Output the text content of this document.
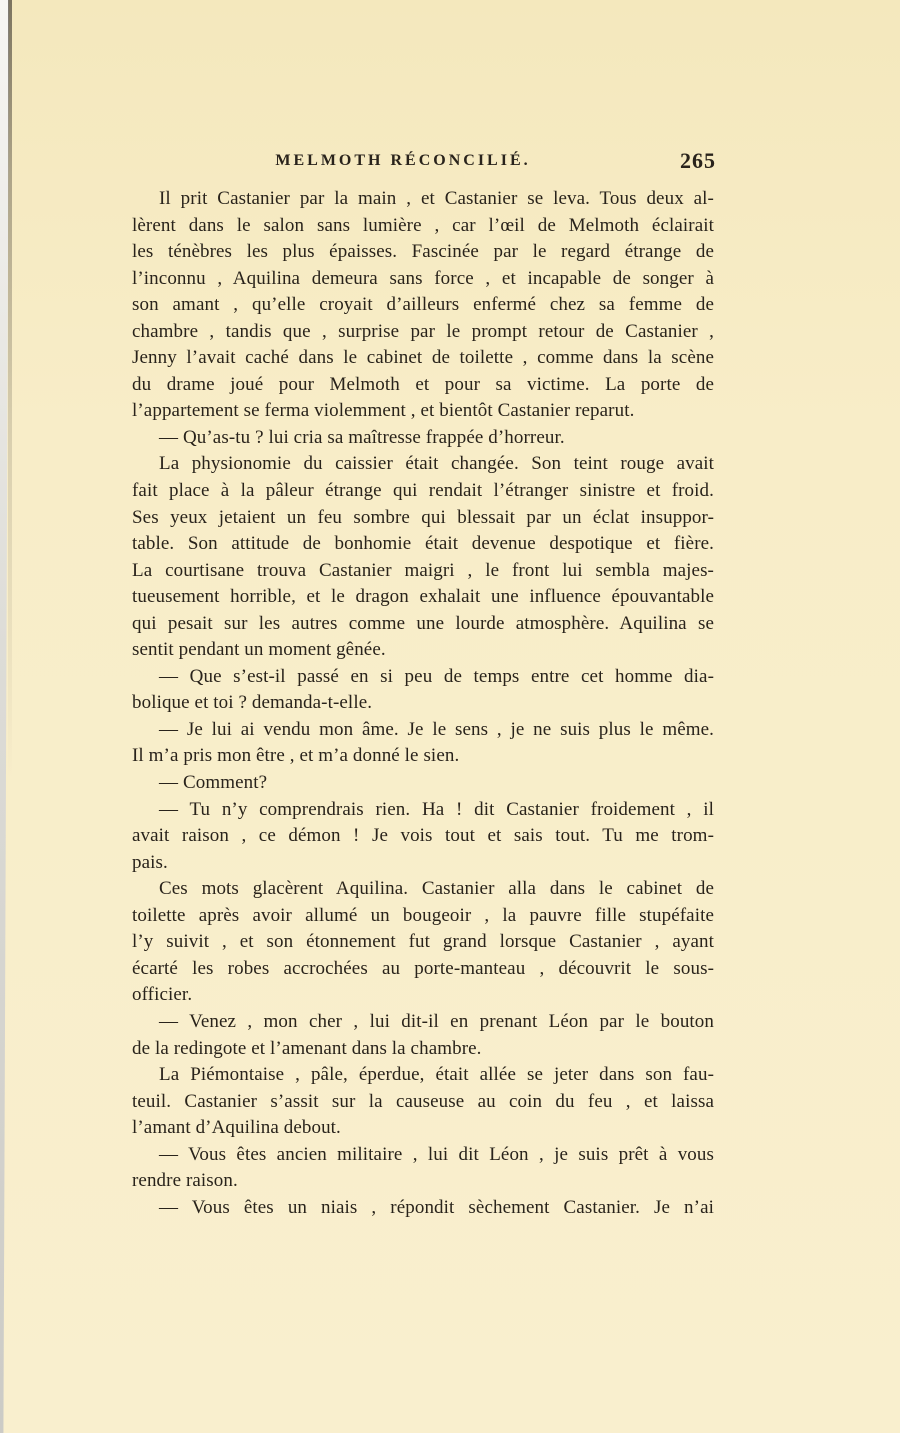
MELMOTH RÉCONCILIÉ.	265
Il prit Castanier par la main , et Castanier se leva. Tous deux al-
lèrent dans le salon sans lumière , car l’œil de Melmoth éclairait
les ténèbres les plus épaisses. Fascinée par le regard étrange de
l’inconnu , Aquilina demeura sans force , et incapable de songer à
son amant , qu’elle croyait d’ailleurs enfermé chez sa femme de
chambre , tandis que , surprise par le prompt retour de Castanier ,
Jenny l’avait caché dans le cabinet de toilette , comme dans la scène
du drame joué pour Melmoth et pour sa victime. La porte de
l’appartement se ferma violemment , et bientôt Castanier reparut.
— Qu’as-tu ? lui cria sa maîtresse frappée d’horreur.
La physionomie du caissier était changée. Son teint rouge avait
fait place à la pâleur étrange qui rendait l’étranger sinistre et froid.
Ses yeux jetaient un feu sombre qui blessait par un éclat insuppor-
table. Son attitude de bonhomie était devenue despotique et fière.
La courtisane trouva Castanier maigri , le front lui sembla majes-
tueusement horrible, et le dragon exhalait une influence épouvantable
qui pesait sur les autres comme une lourde atmosphère. Aquilina se
sentit pendant un moment gênée.
— Que s’est-il passé en si peu de temps entre cet homme dia-
bolique et toi ? demanda-t-elle.
— Je lui ai vendu mon âme. Je le sens , je ne suis plus le même.
Il m’a pris mon être , et m’a donné le sien.
— Comment?
— Tu n’y comprendrais rien. Ha ! dit Castanier froidement , il
avait raison , ce démon ! Je vois tout et sais tout. Tu me trom-
pais.
Ces mots glacèrent Aquilina. Castanier alla dans le cabinet de
toilette après avoir allumé un bougeoir , la pauvre fille stupéfaite
l’y suivit , et son étonnement fut grand lorsque Castanier , ayant
écarté les robes accrochées au porte-manteau , découvrit le sous-
officier.
— Venez , mon cher , lui dit-il en prenant Léon par le bouton
de la redingote et l’amenant dans la chambre.
La Piémontaise , pâle, éperdue, était allée se jeter dans son fau-
teuil. Castanier s’assit sur la causeuse au coin du feu , et laissa
l’amant d’Aquilina debout.
— Vous êtes ancien militaire , lui dit Léon , je suis prêt à vous
rendre raison.
— Vous êtes un niais , répondit sèchement Castanier. Je n’ai
